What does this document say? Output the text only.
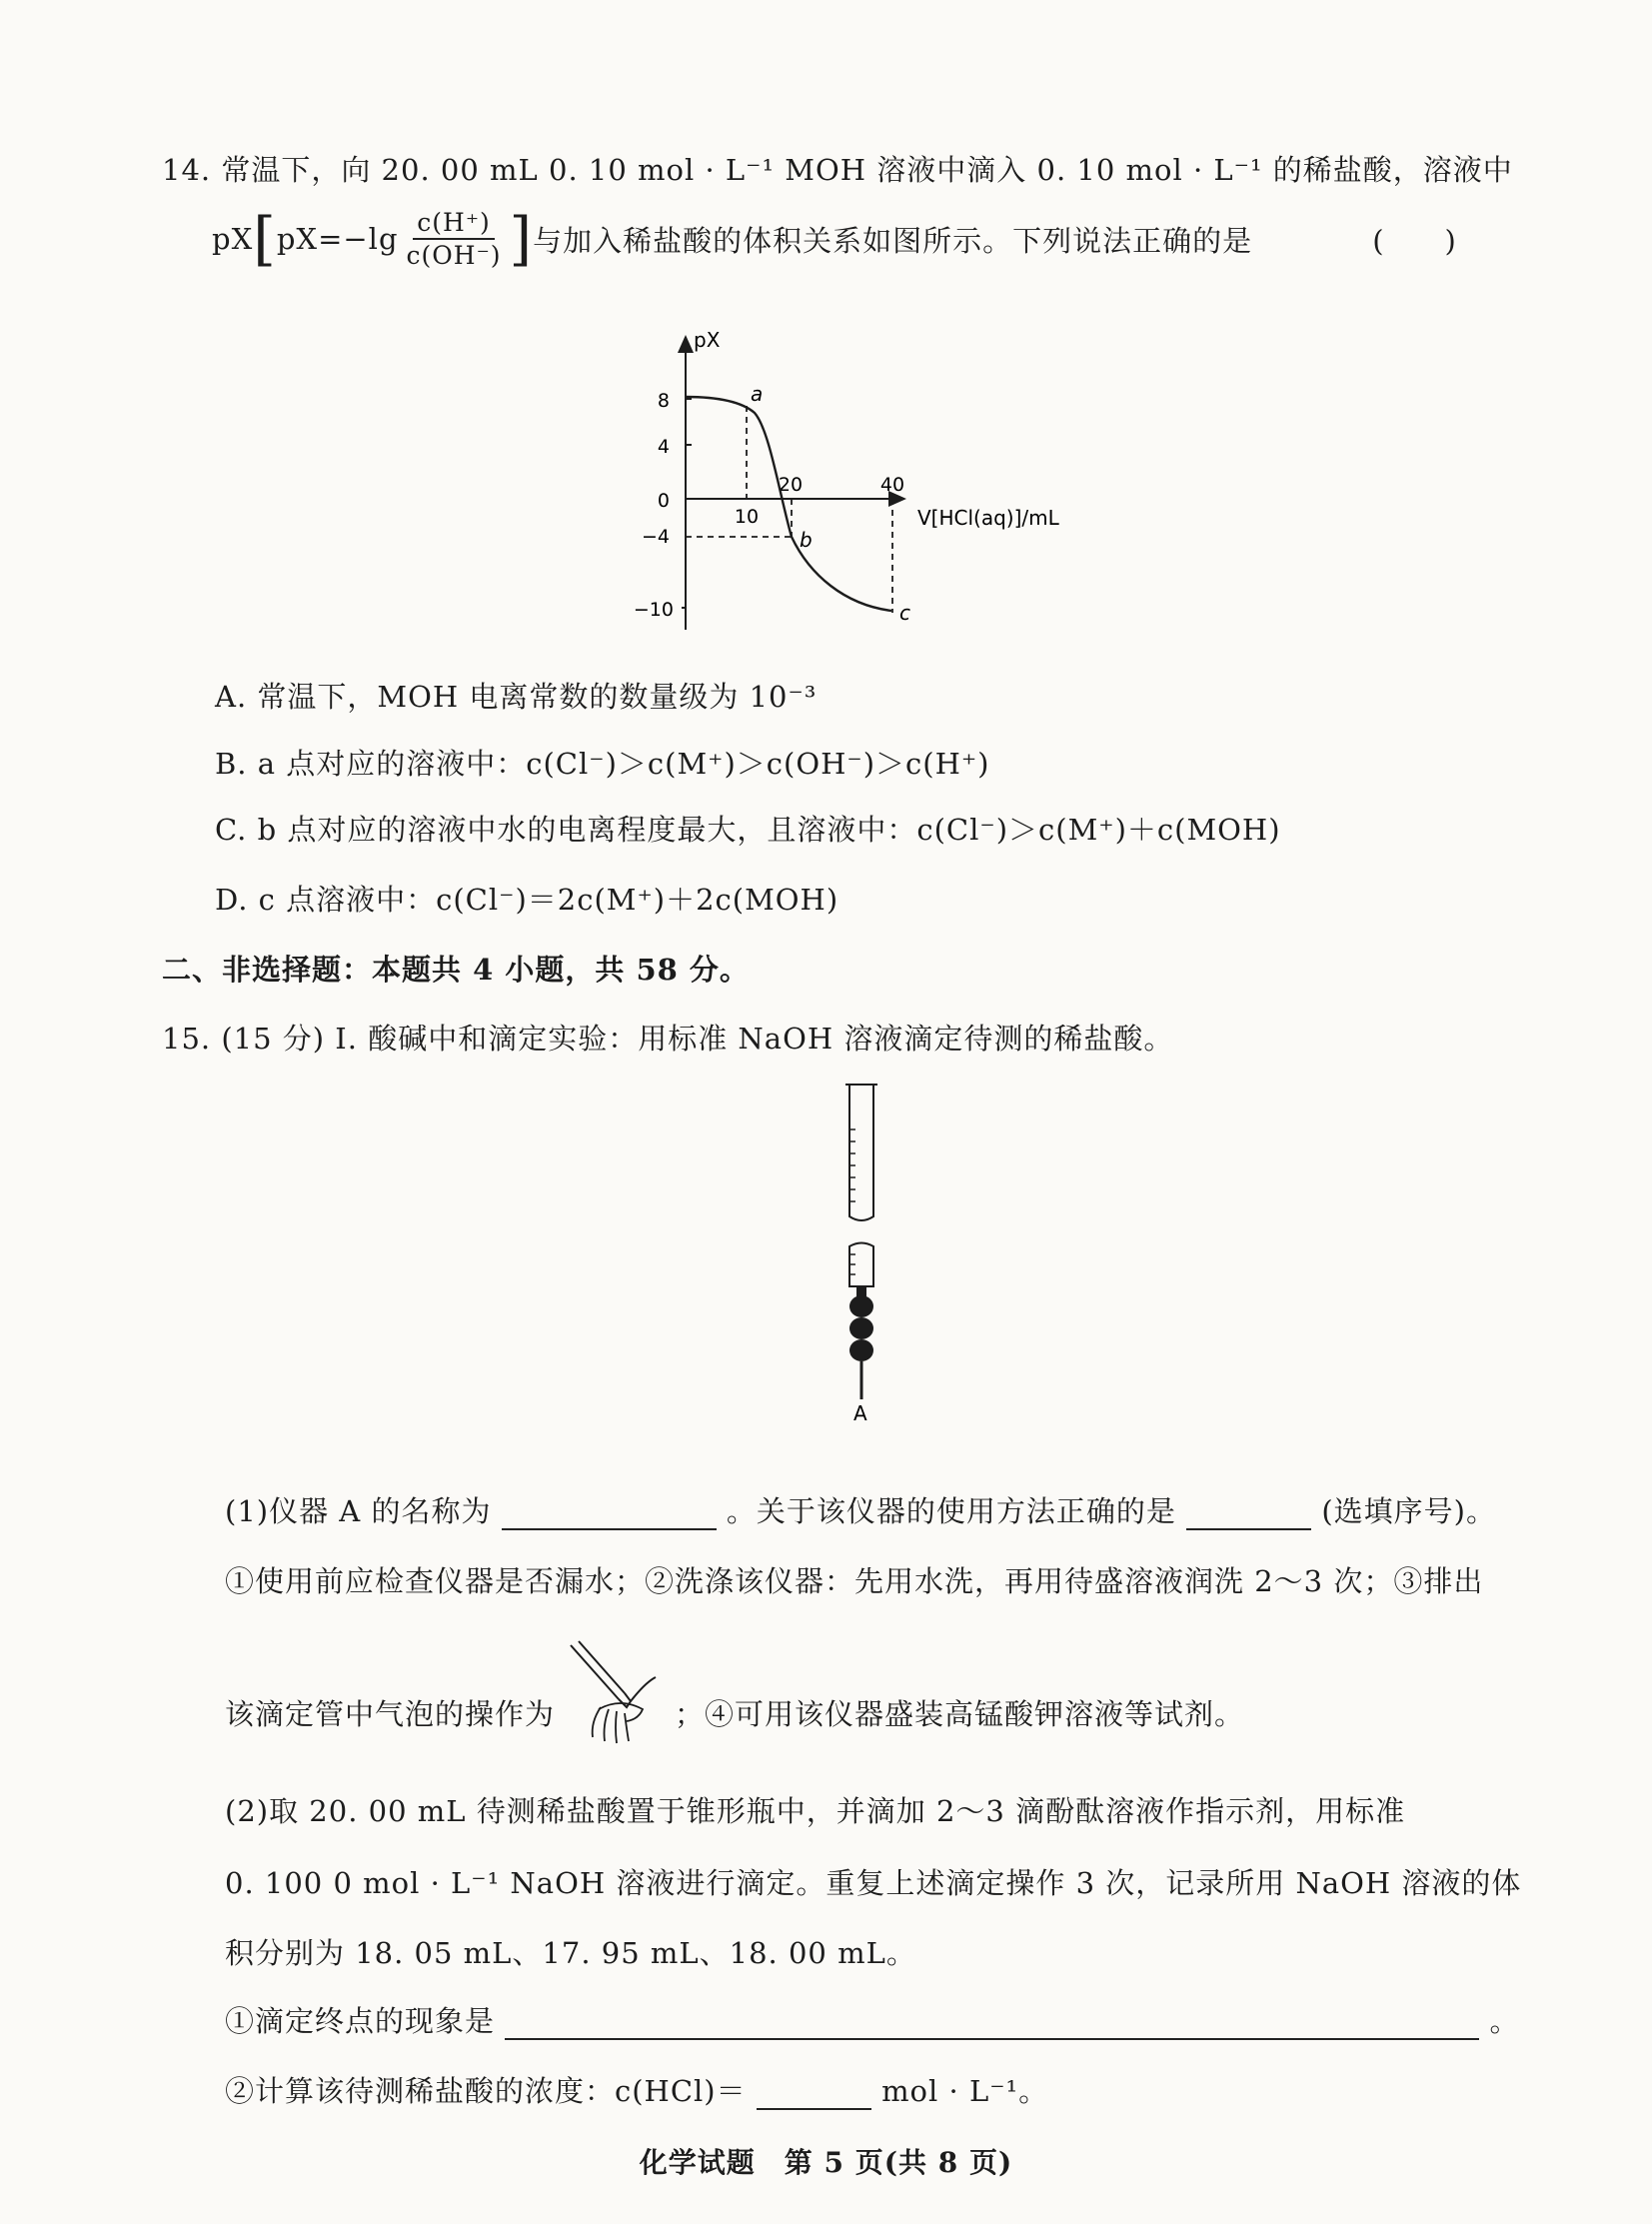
14. 常温下，向 20. 00 mL 0. 10 mol · L⁻¹ MOH 溶液中滴入 0. 10 mol · L⁻¹ 的稀盐酸，溶液中
pX [ $pX=-\lg \frac{c(H^+)}{c(OH^-)}$ ] 与加入稀盐酸的体积关系如图所示。下列说法正确的是	(　　)
pX
V[HCl(aq)]/mL
8
4
0
−4
−10
10
20	40
a
b
c
A. 常温下，MOH 电离常数的数量级为 10⁻³
B. a 点对应的溶液中：c(Cl⁻)＞c(M⁺)＞c(OH⁻)＞c(H⁺)
C. b 点对应的溶液中水的电离程度最大，且溶液中：c(Cl⁻)＞c(M⁺)＋c(MOH)
D. c 点溶液中：c(Cl⁻)＝2c(M⁺)＋2c(MOH)
二、非选择题：本题共 4 小题，共 58 分。
15. (15 分) Ⅰ. 酸碱中和滴定实验：用标准 NaOH 溶液滴定待测的稀盐酸。
A
(1)仪器 A 的名称为	。关于该仪器的使用方法正确的是	(选填序号)。
①使用前应检查仪器是否漏水；②洗涤该仪器：先用水洗，再用待盛溶液润洗 2～3 次；③排出
该滴定管中气泡的操作为	；④可用该仪器盛装高锰酸钾溶液等试剂。
(2)取 20. 00 mL 待测稀盐酸置于锥形瓶中，并滴加 2～3 滴酚酞溶液作指示剂，用标准
0. 100 0 mol · L⁻¹ NaOH 溶液进行滴定。重复上述滴定操作 3 次，记录所用 NaOH 溶液的体
积分别为 18. 05 mL、17. 95 mL、18. 00 mL。
①滴定终点的现象是	。
②计算该待测稀盐酸的浓度：c(HCl)＝	mol · L⁻¹。
化学试题　第 5 页(共 8 页)
